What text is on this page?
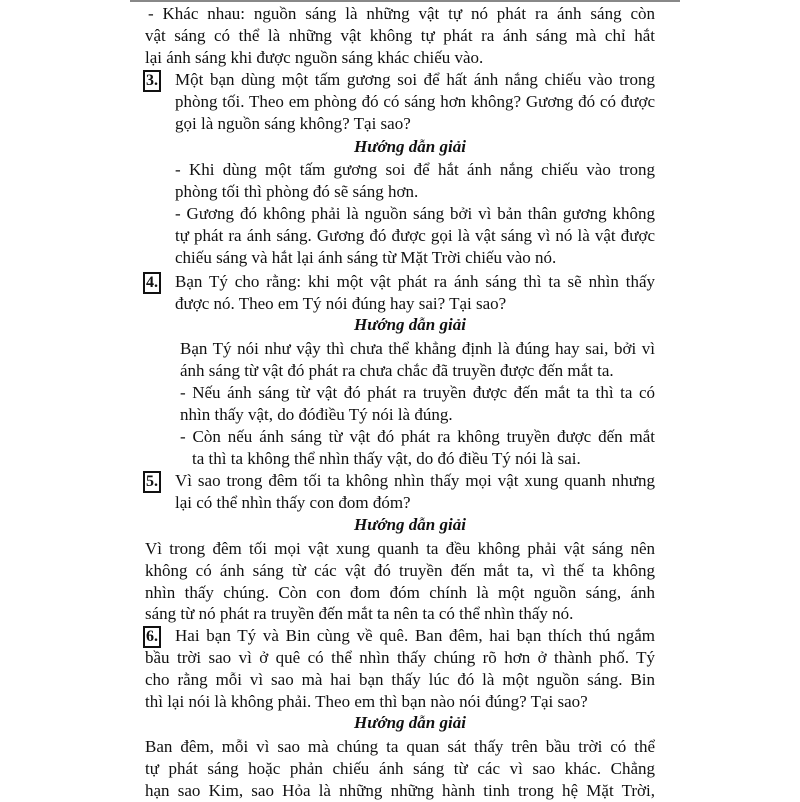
- Khác nhau: nguồn sáng là những vật tự nó phát ra ánh sáng còn
vật sáng có thể là những vật không tự phát ra ánh sáng mà chỉ hắt
lại ánh sáng khi được nguồn sáng khác chiếu vào.
3. Một bạn dùng một tấm gương soi để hất ánh nắng chiếu vào trong
phòng tối. Theo em phòng đó có sáng hơn không? Gương đó có được
gọi là nguồn sáng không? Tại sao?
Hướng dẫn giải
- Khi dùng một tấm gương soi để hắt ánh nắng chiếu vào trong
phòng tối thì phòng đó sẽ sáng hơn.
- Gương đó không phải là nguồn sáng bởi vì bản thân gương không
tự phát ra ánh sáng. Gương đó được gọi là vật sáng vì nó là vật được
chiếu sáng và hắt lại ánh sáng từ Mặt Trời chiếu vào nó.
4. Bạn Tý cho rằng: khi một vật phát ra ánh sáng thì ta sẽ nhìn thấy
được nó. Theo em Tý nói đúng hay sai? Tại sao?
Hướng dẫn giải
Bạn Tý nói như vậy thì chưa thể khẳng định là đúng hay sai, bởi vì
ánh sáng từ vật đó phát ra chưa chắc đã truyền được đến mắt ta.
- Nếu ánh sáng từ vật đó phát ra truyền được đến mắt ta thì ta có
nhìn thấy vật, do đóđiều Tý nói là đúng.
- Còn nếu ánh sáng từ vật đó phát ra không truyền được đến mắt
ta thì ta không thể nhìn thấy vật, do đó điều Tý nói là sai.
5. Vì sao trong đêm tối ta không nhìn thấy mọi vật xung quanh nhưng
lại có thể nhìn thấy con đom đóm?
Hướng dẫn giải
Vì trong đêm tối mọi vật xung quanh ta đều không phải vật sáng nên
không có ánh sáng từ các vật đó truyền đến mắt ta, vì thế ta không
nhìn thấy chúng. Còn con đom đóm chính là một nguồn sáng, ánh
sáng từ nó phát ra truyền đến mắt ta nên ta có thể nhìn thấy nó.
6. Hai bạn Tý và Bin cùng về quê. Ban đêm, hai bạn thích thú ngắm
bầu trời sao vì ở quê có thể nhìn thấy chúng rõ hơn ở thành phố. Tý
cho rằng mỗi vì sao mà hai bạn thấy lúc đó là một nguồn sáng. Bin
thì lại nói là không phải. Theo em thì bạn nào nói đúng? Tại sao?
Hướng dẫn giải
Ban đêm, mỗi vì sao mà chúng ta quan sát thấy trên bầu trời có thể
tự phát sáng hoặc phản chiếu ánh sáng từ các vì sao khác. Chẳng
hạn sao Kim, sao Hỏa là những những hành tinh trong hệ Mặt Trời,
